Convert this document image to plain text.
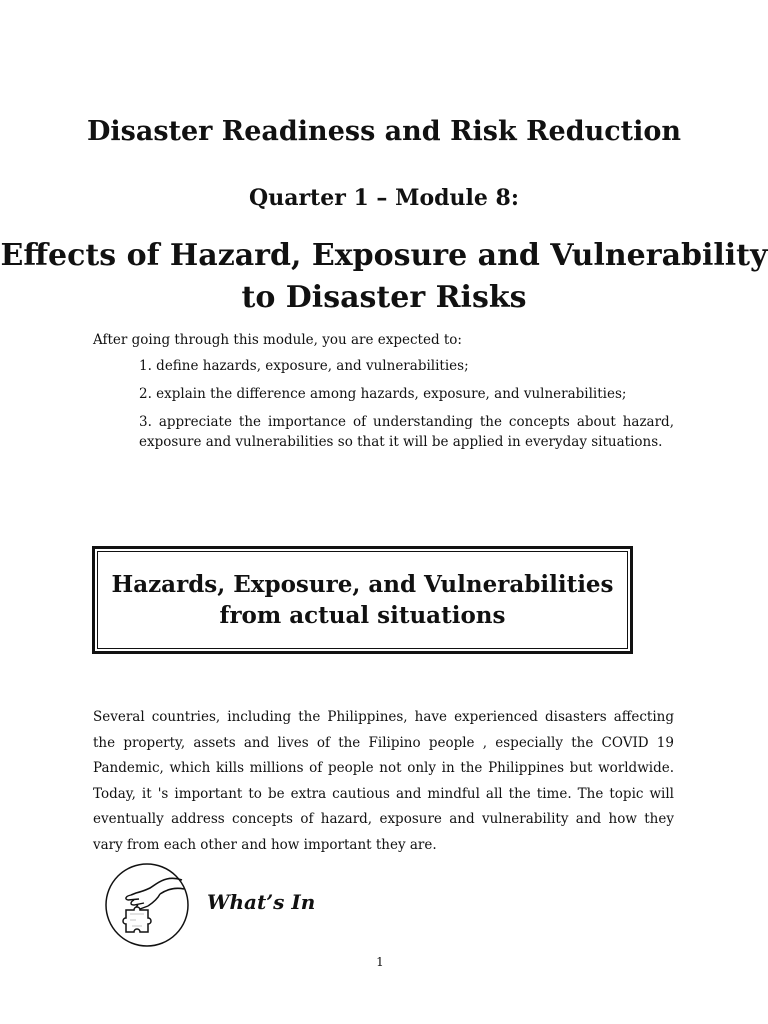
Disaster Readiness and Risk Reduction
Quarter 1 – Module 8:
Effects of Hazard, Exposure and Vulnerability to Disaster Risks
After going through this module, you are expected to:
1. define hazards, exposure, and vulnerabilities;
2. explain the difference among hazards, exposure, and vulnerabilities;
3. appreciate the importance of understanding the concepts about hazard, exposure and vulnerabilities so that it will be applied in everyday situations.
Hazards, Exposure, and Vulnerabilities from actual situations
Several countries, including the Philippines, have experienced disasters affecting the property, assets and lives of the Filipino people , especially the COVID 19 Pandemic, which kills millions of people not only in the Philippines but worldwide. Today, it 's important to be extra cautious and mindful all the time. The topic will eventually address concepts of hazard, exposure and vulnerability and how they vary from each other and how important they are.
What’s In
1
